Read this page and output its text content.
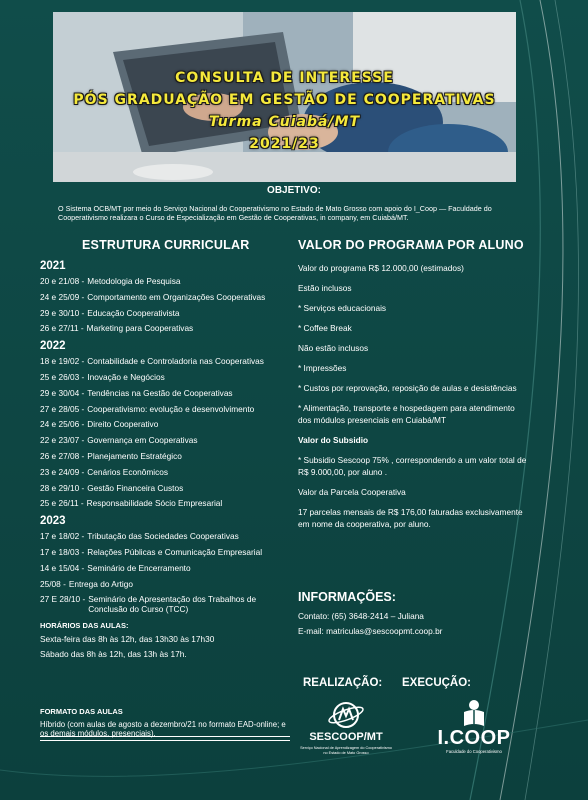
CONSULTA DE INTERESSE
PÓS GRADUAÇÃO EM GESTÃO DE COOPERATIVAS
Turma Cuiabá/MT
2021/23
OBJETIVO:
O Sistema OCB/MT por meio do Serviço Nacional do Cooperativismo no Estado de Mato Grosso com apoio do I_Coop — Faculdade do Cooperativismo realizara o Curso de Especialização em Gestão de Cooperativas, in company, em Cuiabá/MT.
ESTRUTURA CURRICULAR
2021
20 e 21/08 - Metodologia de Pesquisa
24 e 25/09 - Comportamento em Organizações Cooperativas
29 e 30/10 - Educação Cooperativista
26 e 27/11 - Marketing para Cooperativas
2022
18 e 19/02 - Contabilidade e Controladoria nas Cooperativas
25 e 26/03 - Inovação e Negócios
29 e 30/04 - Tendências na Gestão de Cooperativas
27 e 28/05 - Cooperativismo: evolução e desenvolvimento
24 e 25/06 - Direito Cooperativo
22 e 23/07 - Governança em Cooperativas
26 e 27/08 - Planejamento Estratégico
23 e 24/09 - Cenários Econômicos
28 e 29/10 - Gestão Financeira Custos
25 e 26/11 - Responsabilidade Sócio Empresarial
2023
17 e 18/02 - Tributação das Sociedades Cooperativas
17 e 18/03 - Relações Públicas e Comunicação Empresarial
14 e 15/04 - Seminário de Encerramento
25/08 - Entrega do Artigo
27 E 28/10 - Seminário de Apresentação dos Trabalhos de Conclusão do Curso (TCC)
HORÁRIOS DAS AULAS:
Sexta-feira das 8h às 12h, das 13h30 às 17h30
Sábado das 8h às 12h, das 13h às 17h.
FORMATO DAS AULAS
Híbrido (com aulas de agosto a dezembro/21 no formato EAD-online; e os demais módulos, presenciais).
VALOR DO PROGRAMA POR ALUNO
Valor do programa R$ 12.000,00 (estimados)
Estão inclusos
* Serviços educacionais
* Coffee Break
Não estão inclusos
* Impressões
* Custos por reprovação, reposição de aulas e desistências
* Alimentação, transporte e hospedagem para atendimento dos módulos presenciais em Cuiabá/MT
Valor do Subsidio
* Subsidio Sescoop 75% , correspondendo a um valor total de R$ 9.000,00, por aluno .
Valor da Parcela Cooperativa
17 parcelas mensais de R$ 176,00 faturadas exclusivamente em nome da cooperativa, por aluno.
INFORMAÇÕES:
Contato: (65) 3648-2414 – Juliana
E-mail: matriculas@sescoopmt.coop.br
REALIZAÇÃO: EXECUÇÃO:
SESCOOP/MT
Serviço Nacional de Aprendizagem do Cooperativismo no Estado de Mato Grosso
I.COOP
Faculdade do Cooperativismo
